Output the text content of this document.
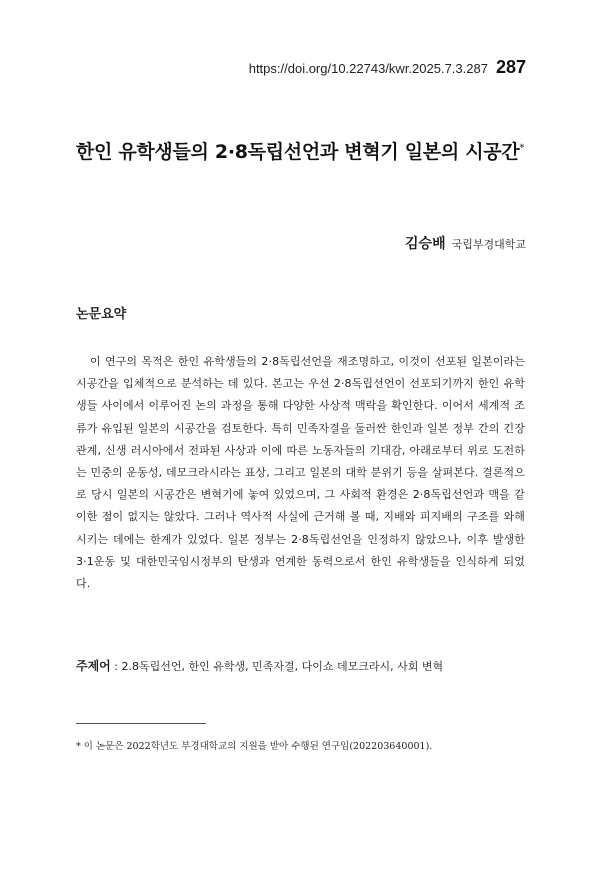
https://doi.org/10.22743/kwr.2025.7.3.287 287
한인 유학생들의 2·8독립선언과 변혁기 일본의 시공간*
김승배 국립부경대학교
논문요약

이 연구의 목적은 한인 유학생들의 2·8독립선언을 재조명하고, 이것이 선포된 일본이라는 시공간을 입체적으로 분석하는 데 있다. 본고는 우선 2·8독립선언이 선포되기까지 한인 유학생들 사이에서 이루어진 논의 과정을 통해 다양한 사상적 맥락을 확인한다. 이어서 세계적 조류가 유입된 일본의 시공간을 검토한다. 특히 민족자결을 둘러싼 한인과 일본 정부 간의 긴장 관계, 신생 러시아에서 전파된 사상과 이에 따른 노동자들의 기대감, 아래로부터 위로 도전하는 민중의 운동성, 데모크라시라는 표상, 그리고 일본의 대학 분위기 등을 살펴본다. 결론적으로 당시 일본의 시공간은 변혁기에 놓여 있었으며, 그 사회적 환경은 2·8독립선언과 맥을 같이한 점이 없지는 않았다. 그러나 역사적 사실에 근거해 볼 때, 지배와 피지배의 구조를 와해시키는 데에는 한계가 있었다. 일본 정부는 2·8독립선언을 인정하지 않았으나, 이후 발생한 3·1운동 및 대한민국임시정부의 탄생과 연계한 동력으로서 한인 유학생들을 인식하게 되었다.

주제어 : 2.8독립선언, 한인 유학생, 민족자결, 다이쇼 데모크라시, 사회 변혁
* 이 논문은 2022학년도 부경대학교의 지원을 받아 수행된 연구임(202203640001).
